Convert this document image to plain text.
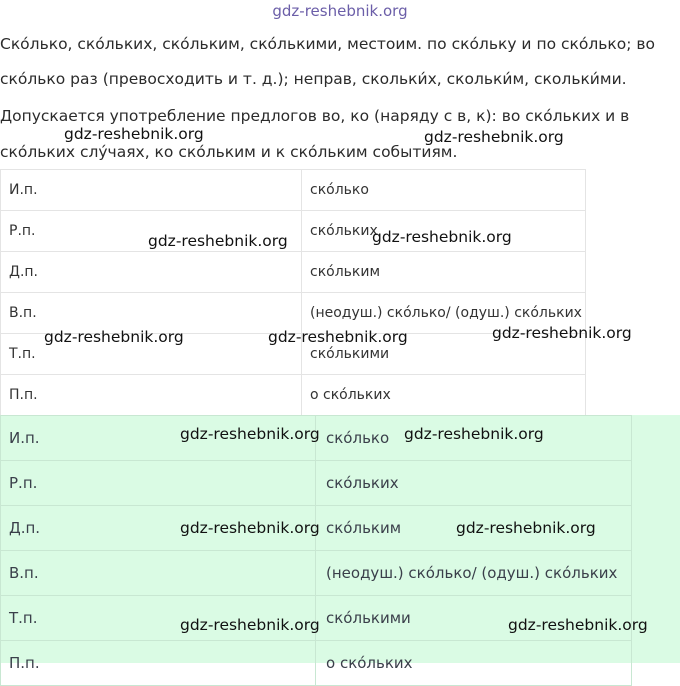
gdz-reshebnik.org
Ско́лько, ско́льких, ско́льким, ско́лькими, местоим. по ско́льку и по ско́лько; во
ско́лько раз (превосходить и т. д.); неправ, скольки́х, скольки́м, скольки́ми.
Допускается употребление предлогов во, ко (наряду с в, к): во ско́льких и в
ско́льких слу́чаях, ко ско́льким и к ско́льким событиям.
И.п.	ско́лько
Р.п.	ско́льких
Д.п.	ско́льким
В.п.	(неодуш.) ско́лько/ (одуш.) ско́льких
Т.п.	ско́лькими
П.п.	о ско́льких
И.п.	ско́лько
Р.п.	ско́льких
Д.п.	ско́льким
В.п.	(неодуш.) ско́лько/ (одуш.) ско́льких
Т.п.	ско́лькими
П.п.	о ско́льких
gdz-reshebnik.org	gdz-reshebnik.org
gdz-reshebnik.org	gdz-reshebnik.org
gdz-reshebnik.org	gdz-reshebnik.org	gdz-reshebnik.org
gdz-reshebnik.org	gdz-reshebnik.org
gdz-reshebnik.org	gdz-reshebnik.org
gdz-reshebnik.org	gdz-reshebnik.org
